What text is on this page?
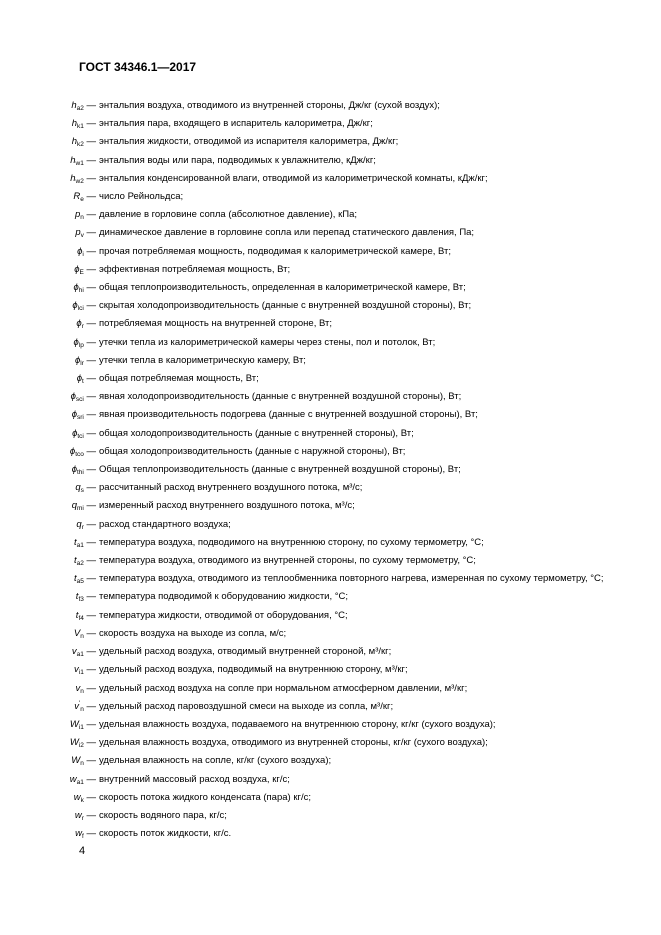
ГОСТ 34346.1—2017
$h_{a2}$ — энтальпия воздуха, отводимого из внутренней стороны, Дж/кг (сухой воздух);
$h_{k1}$ — энтальпия пара, входящего в испаритель калориметра, Дж/кг;
$h_{k2}$ — энтальпия жидкости, отводимой из испарителя калориметра, Дж/кг;
$h_{w1}$ — энтальпия воды или пара, подводимых к увлажнителю, кДж/кг;
$h_{w2}$ — энтальпия конденсированной влаги, отводимой из калориметрической комнаты, кДж/кг;
$R_e$ — число Рейнольдса;
$p_n$ — давление в горловине сопла (абсолютное давление), кПа;
$p_v$ — динамическое давление в горловине сопла или перепад статического давления, Па;
$\phi_i$ — прочая потребляемая мощность, подводимая к калориметрической камере, Вт;
$\phi_E$ — эффективная потребляемая мощность, Вт;
$\phi_{hi}$ — общая теплопроизводительность, определенная в калориметрической камере, Вт;
$\phi_{lci}$ — скрытая холодопроизводительность (данные с внутренней воздушной стороны), Вт;
$\phi_r$ — потребляемая мощность на внутренней стороне, Вт;
$\phi_{lp}$ — утечки тепла из калориметрической камеры через стены, пол и потолок, Вт;
$\phi_{lr}$ — утечки тепла в калориметрическую камеру, Вт;
$\phi_t$ — общая потребляемая мощность, Вт;
$\phi_{sci}$ — явная холодопроизводительность (данные с внутренней воздушной стороны), Вт;
$\phi_{sri}$ — явная производительность подогрева (данные с внутренней воздушной стороны), Вт;
$\phi_{tci}$ — общая холодопроизводительность (данные с внутренней стороны), Вт;
$\phi_{tco}$ — общая холодопроизводительность (данные с наружной стороны), Вт;
$\phi_{thi}$ — Общая теплопроизводительность (данные с внутренней воздушной стороны), Вт;
$q_s$ — рассчитанный расход внутреннего воздушного потока, м³/с;
$q_{mi}$ — измеренный расход внутреннего воздушного потока, м³/с;
$q_r$ — расход стандартного воздуха;
$t_{a1}$ — температура воздуха, подводимого на внутреннюю сторону, по сухому термометру, °С;
$t_{a2}$ — температура воздуха, отводимого из внутренней стороны, по сухому термометру, °С;
$t_{a5}$ — температура воздуха, отводимого из теплообменника повторного нагрева, измеренная по сухому термометру, °С;
$t_{f3}$ — температура подводимой к оборудованию жидкости, °С;
$t_{f4}$ — температура жидкости, отводимой от оборудования, °С;
$V_n$ — скорость воздуха на выходе из сопла, м/с;
$v_{a1}$ — удельный расход воздуха, отводимый внутренней стороной, м³/кг;
$v_{i1}$ — удельный расход воздуха, подводимый на внутреннюю сторону, м³/кг;
$v_n$ — удельный расход воздуха на сопле при нормальном атмосферном давлении, м³/кг;
$v'_n$ — удельный расход паровоздушной смеси на выходе из сопла, м³/кг;
$W_{i1}$ — удельная влажность воздуха, подаваемого на внутреннюю сторону, кг/кг (сухого воздуха);
$W_{i2}$ — удельная влажность воздуха, отводимого из внутренней стороны, кг/кг (сухого воздуха);
$W_n$ — удельная влажность на сопле, кг/кг (сухого воздуха);
$w_{a1}$ — внутренний массовый расход воздуха, кг/с;
$w_k$ — скорость потока жидкого конденсата (пара) кг/с;
$w_r$ — скорость водяного пара, кг/с;
$w_f$ — скорость поток жидкости, кг/с.
4
